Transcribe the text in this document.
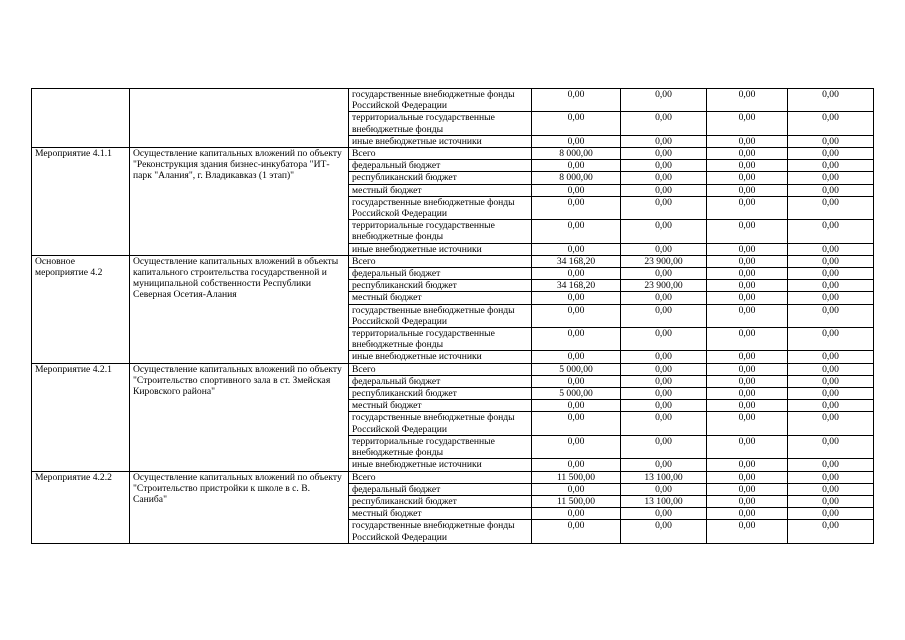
		государственные внебюджетные фонды Российской Федерации	0,00	0,00	0,00	0,00
		территориальные государственные внебюджетные фонды	0,00	0,00	0,00	0,00
		иные внебюджетные источники	0,00	0,00	0,00	0,00
Мероприятие 4.1.1	Осуществление капитальных вложений по объекту "Реконструкция здания бизнес-инкубатора "ИТ-парк "Алания", г. Владикавказ (1 этап)"	Всего	8 000,00	0,00	0,00	0,00
		федеральный бюджет	0,00	0,00	0,00	0,00
		республиканский бюджет	8 000,00	0,00	0,00	0,00
		местный бюджет	0,00	0,00	0,00	0,00
		государственные внебюджетные фонды Российской Федерации	0,00	0,00	0,00	0,00
		территориальные государственные внебюджетные фонды	0,00	0,00	0,00	0,00
		иные внебюджетные источники	0,00	0,00	0,00	0,00
Основное мероприятие 4.2	Осуществление капитальных вложений в объекты капитального строительства государственной и муниципальной собственности Республики Северная Осетия-Алания	Всего	34 168,20	23 900,00	0,00	0,00
		федеральный бюджет	0,00	0,00	0,00	0,00
		республиканский бюджет	34 168,20	23 900,00	0,00	0,00
		местный бюджет	0,00	0,00	0,00	0,00
		государственные внебюджетные фонды Российской Федерации	0,00	0,00	0,00	0,00
		территориальные государственные внебюджетные фонды	0,00	0,00	0,00	0,00
		иные внебюджетные источники	0,00	0,00	0,00	0,00
Мероприятие 4.2.1	Осуществление капитальных вложений по объекту "Строительство спортивного зала в ст. Змейская Кировского района"	Всего	5 000,00	0,00	0,00	0,00
		федеральный бюджет	0,00	0,00	0,00	0,00
		республиканский бюджет	5 000,00	0,00	0,00	0,00
		местный бюджет	0,00	0,00	0,00	0,00
		государственные внебюджетные фонды Российской Федерации	0,00	0,00	0,00	0,00
		территориальные государственные внебюджетные фонды	0,00	0,00	0,00	0,00
		иные внебюджетные источники	0,00	0,00	0,00	0,00
Мероприятие 4.2.2	Осуществление капитальных вложений по объекту "Строительство пристройки к школе в с. В. Саниба"	Всего	11 500,00	13 100,00	0,00	0,00
		федеральный бюджет	0,00	0,00	0,00	0,00
		республиканский бюджет	11 500,00	13 100,00	0,00	0,00
		местный бюджет	0,00	0,00	0,00	0,00
		государственные внебюджетные фонды Российской Федерации	0,00	0,00	0,00	0,00
